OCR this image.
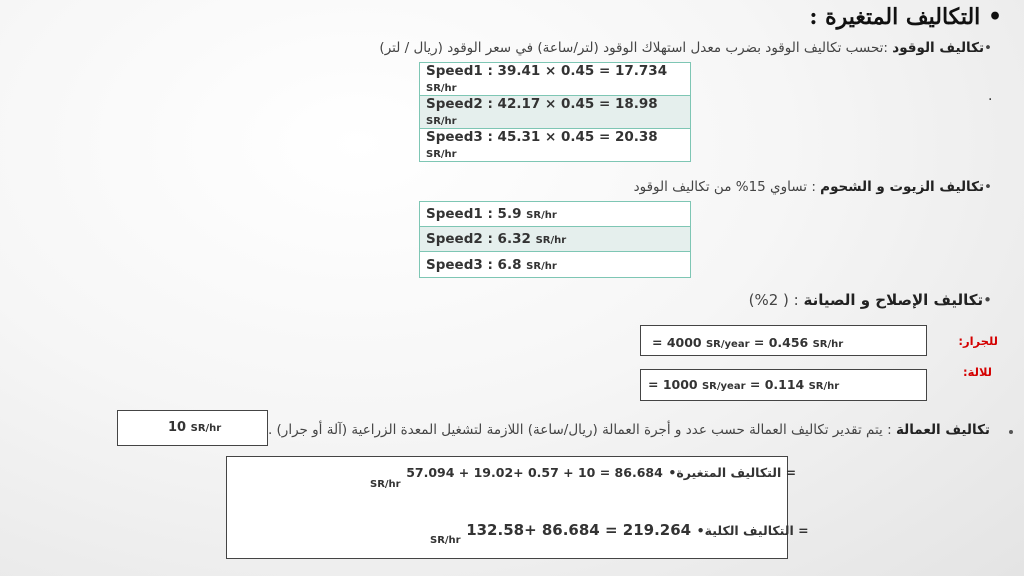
• التكاليف المتغيرة :
•تكاليف الوقود :تحسب تكاليف الوقود بضرب معدل استهلاك الوقود (لتر/ساعة) في سعر الوقود (ريال / لتر)
.
Speed1 : 39.41 × 0.45 = 17.734 SR/hr
Speed2 : 42.17 × 0.45 = 18.98 SR/hr
Speed3 : 45.31 × 0.45 = 20.38 SR/hr
•تكاليف الزيوت و الشحوم : تساوي 15% من تكاليف الوقود
Speed1 : 5.9 SR/hr
Speed2 : 6.32 SR/hr
Speed3 : 6.8 SR/hr
•تكاليف الإصلاح و الصيانة : ( 2%)
للجرار:
= 4000 SR/year = 0.456 SR/hr
للالة:
= 1000 SR/year = 0.114 SR/hr
تكاليف العمالة : يتم تقدير تكاليف العمالة حسب عدد و أجرة العمالة (ريال/ساعة) اللازمة لتشغيل المعدة الزراعية (آلة أو جرار) .
10 SR/hr
$_{SR/hr}$ 57.094 + 19.02+ 0.57 + 10 = 86.684 •التكاليف المتغيرة =
$_{SR/hr}$ 132.58+ 86.684 = 219.264 •التكاليف الكلية =
